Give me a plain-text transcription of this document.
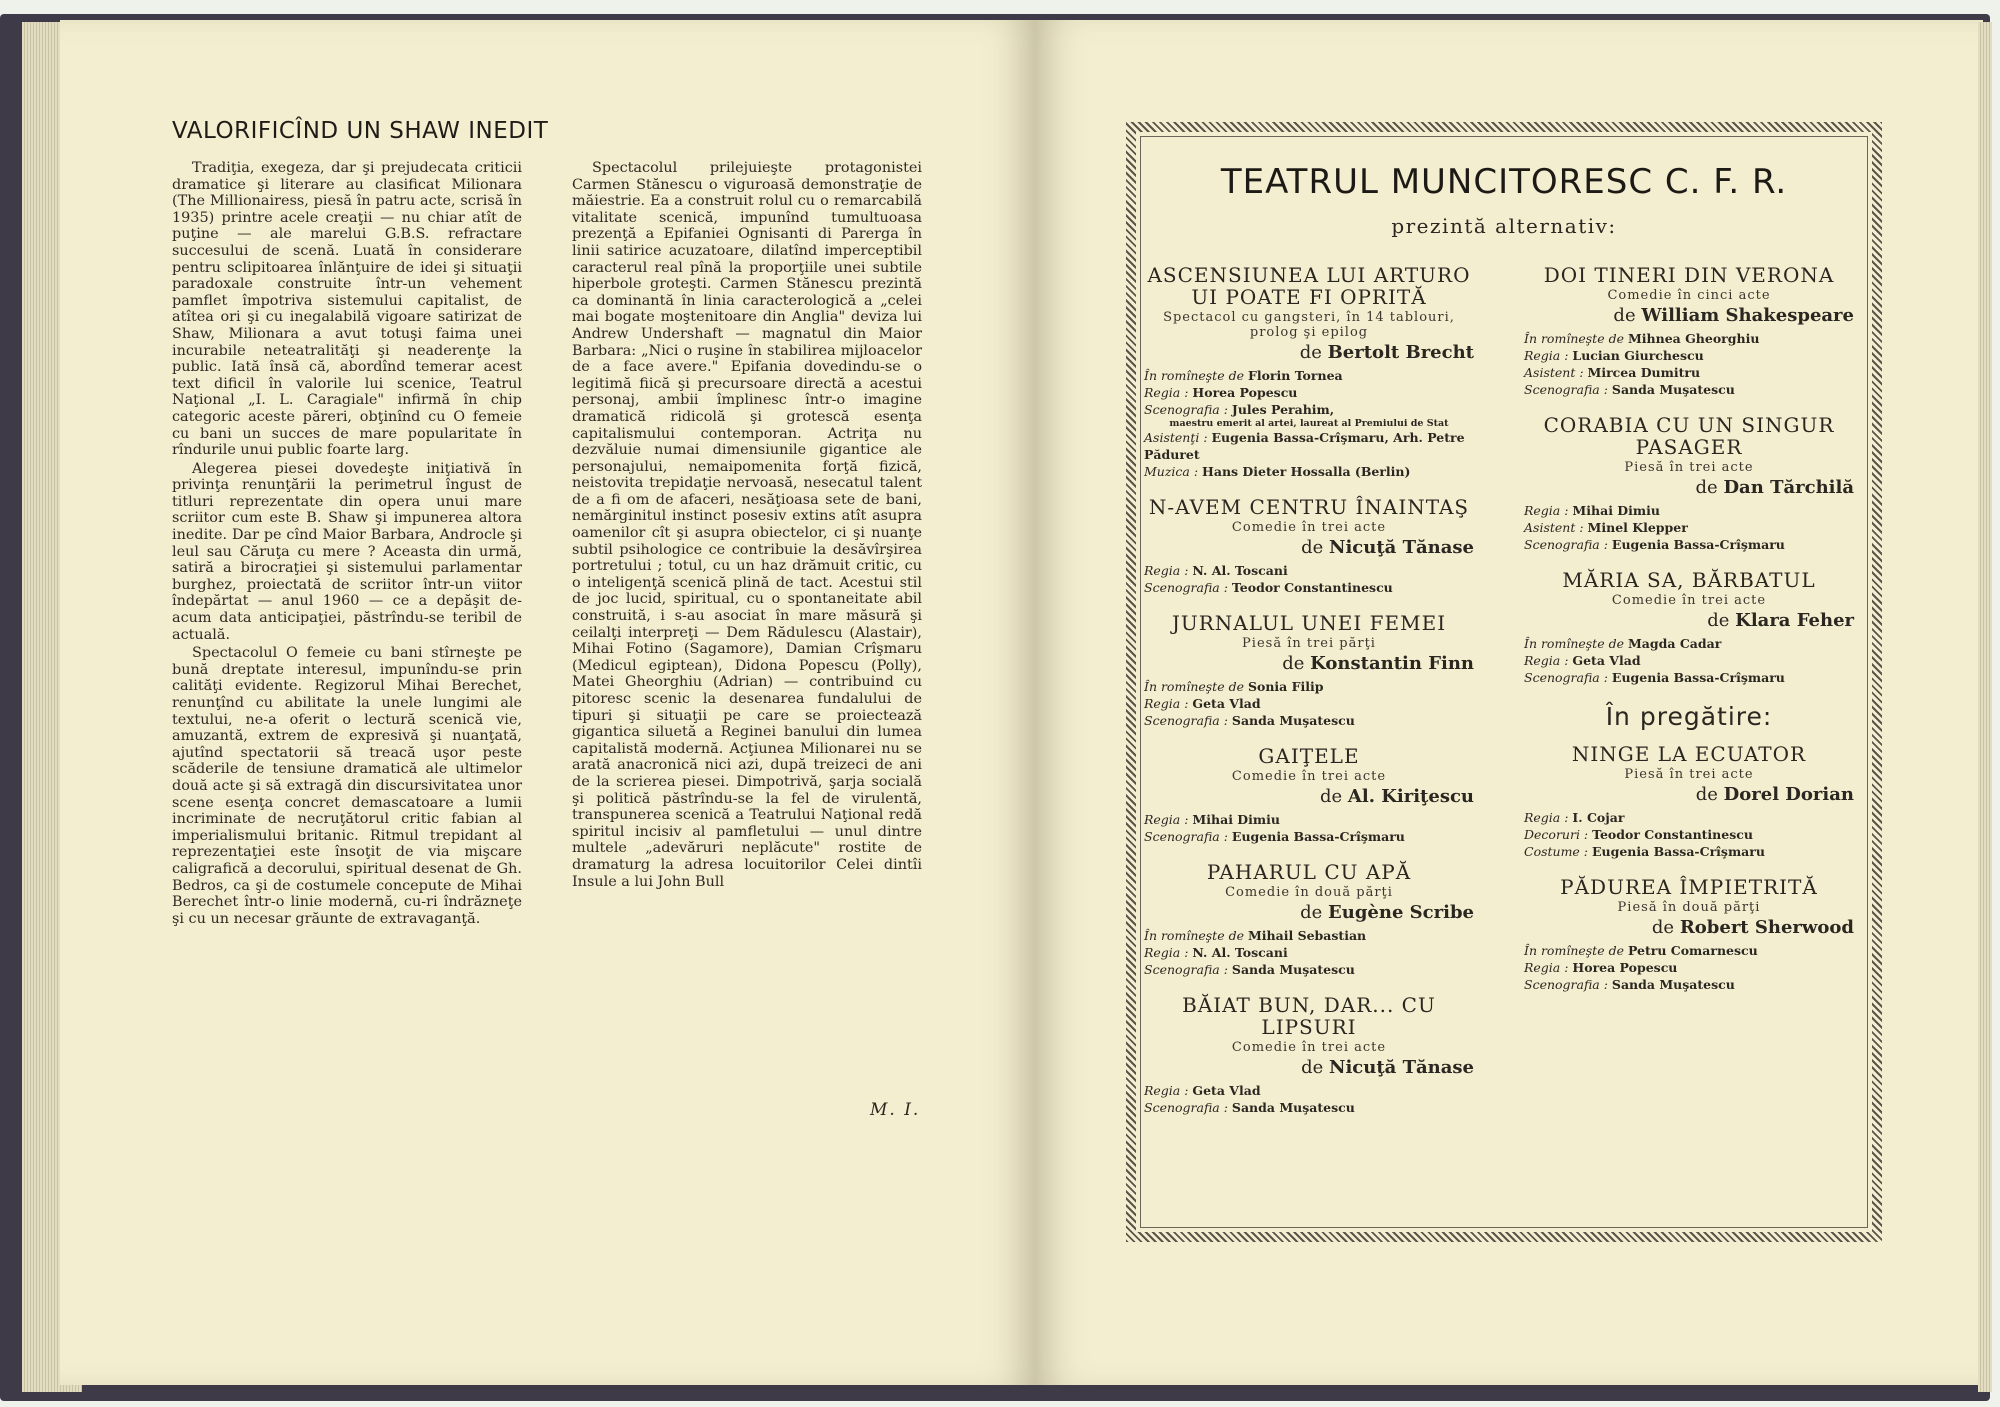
VALORIFICÎND UN SHAW INEDIT

Tradiţia, exegeza, dar şi prejudecata criticii dramatice şi literare au clasificat Milionara (The Millionairess, piesă în patru acte, scrisă în 1935) printre acele creaţii — nu chiar atît de puţine — ale marelui G.B.S. refractare succesului de scenă. Luată în considerare pentru sclipitoarea înlănţuire de idei şi situaţii paradoxale construite într-un vehement pamflet împotriva sistemului capitalist, de atîtea ori şi cu inegalabilă vigoare satirizat de Shaw, Milionara a avut totuşi faima unei incurabile neteatralităţi şi neaderenţe la public. Iată însă că, abordînd temerar acest text dificil în valorile lui scenice, Teatrul Naţional „I. L. Caragiale" infirmă în chip categoric aceste păreri, obţinînd cu O femeie cu bani un succes de mare popularitate în rîndurile unui public foarte larg.

Alegerea piesei dovedeşte iniţiativă în privinţa renunţării la perimetrul îngust de titluri reprezentate din opera unui mare scriitor cum este B. Shaw şi impunerea altora inedite. Dar pe cînd Maior Barbara, Androcle şi leul sau Căruţa cu mere ? Aceasta din urmă, satiră a birocraţiei şi sistemului parlamentar burghez, proiectată de scriitor într-un viitor îndepărtat — anul 1960 — ce a depăşit de-acum data anticipaţiei, păstrîndu-se teribil de actuală.

Spectacolul O femeie cu bani stîrneşte pe bună dreptate interesul, impunîndu-se prin calităţi evidente. Regizorul Mihai Berechet, renunţînd cu abilitate la unele lungimi ale textului, ne-a oferit o lectură scenică vie, amuzantă, extrem de expresivă şi nuanţată, ajutînd spectatorii să treacă uşor peste scăderile de tensiune dramatică ale ultimelor două acte şi să extragă din discursivitatea unor scene esenţa concret demascatoare a lumii incriminate de necruţătorul critic fabian al imperialismului britanic. Ritmul trepidant al reprezentaţiei este însoţit de via mişcare caligrafică a decorului, spiritual desenat de Gh. Bedros, ca şi de costumele concepute de Mihai Berechet într-o linie modernă, cu-ri îndrăzneţe şi cu un necesar grăunte de extravaganţă.

Spectacolul prilejuieşte protagonistei Carmen Stănescu o viguroasă demonstraţie de măiestrie. Ea a construit rolul cu o remarcabilă vitalitate scenică, impunînd tumultuoasa prezenţă a Epifaniei Ognisanti di Parerga în linii satirice acuzatoare, dilatînd imperceptibil caracterul real pînă la proporţiile unei subtile hiperbole groteşti. Carmen Stănescu prezintă ca dominantă în linia caracterologică a „celei mai bogate moştenitoare din Anglia" deviza lui Andrew Undershaft — magnatul din Maior Barbara: „Nici o ruşine în stabilirea mijloacelor de a face avere." Epifania dovedindu-se o legitimă fiică şi precursoare directă a acestui personaj, ambii împlinesc într-o imagine dramatică ridicolă şi grotescă esenţa capitalismului contemporan. Actriţa nu dezvăluie numai dimensiunile gigantice ale personajului, nemaipomenita forţă fizică, neistovita trepidaţie nervoasă, nesecatul talent de a fi om de afaceri, nesăţioasa sete de bani, nemărginitul instinct posesiv extins atît asupra oamenilor cît şi asupra obiectelor, ci şi nuanţe subtil psihologice ce contribuie la desăvîrşirea portretului ; totul, cu un haz drămuit critic, cu o inteligenţă scenică plină de tact. Acestui stil de joc lucid, spiritual, cu o spontaneitate abil construită, i s-au asociat în mare măsură şi ceilalţi interpreţi — Dem Rădulescu (Alastair), Mihai Fotino (Sagamore), Damian Crîşmaru (Medicul egiptean), Didona Popescu (Polly), Matei Gheorghiu (Adrian) — contribuind cu pitoresc scenic la desenarea fundalului de tipuri şi situaţii pe care se proiectează gigantica siluetă a Reginei banului din lumea capitalistă modernă. Acţiunea Milionarei nu se arată anacronică nici azi, după treizeci de ani de la scrierea piesei. Dimpotrivă, şarja socială şi politică păstrîndu-se la fel de virulentă, transpunerea scenică a Teatrului Naţional redă spiritul incisiv al pamfletului — unul dintre multele „adevăruri neplăcute" rostite de dramaturg la adresa locuitorilor Celei dintîi Insule a lui John Bull

M. I.
TEATRUL MUNCITORESC C. F. R.
prezintă alternativ:
ASCENSIUNEA LUI ARTURO UI POATE FI OPRITĂ
Spectacol cu gangsteri, în 14 tablouri, prolog şi epilog
de Bertolt Brecht
În romîneşte de Florin Tornea
Regia : Horea Popescu
Scenografia : Jules Perahim,
maestru emerit al artei, laureat al Premiului de Stat
Asistenţi : Eugenia Bassa-Crîşmaru, Arh. Petre Păduret
Muzica : Hans Dieter Hossalla (Berlin)
N-AVEM CENTRU ÎNAINTAŞ
Comedie în trei acte
de Nicuţă Tănase
Regia : N. Al. Toscani
Scenografia : Teodor Constantinescu
JURNALUL UNEI FEMEI
Piesă în trei părţi
de Konstantin Finn
În romîneşte de Sonia Filip
Regia : Geta Vlad
Scenografia : Sanda Muşatescu
GAIŢELE
Comedie în trei acte
de Al. Kiriţescu
Regia : Mihai Dimiu
Scenografia : Eugenia Bassa-Crîşmaru
PAHARUL CU APĂ
Comedie în două părţi
de Eugène Scribe
În romîneşte de Mihail Sebastian
Regia : N. Al. Toscani
Scenografia : Sanda Muşatescu
BĂIAT BUN, DAR... CU LIPSURI
Comedie în trei acte
de Nicuţă Tănase
Regia : Geta Vlad
Scenografia : Sanda Muşatescu
DOI TINERI DIN VERONA
Comedie în cinci acte
de William Shakespeare
În romîneşte de Mihnea Gheorghiu
Regia : Lucian Giurchescu
Asistent : Mircea Dumitru
Scenografia : Sanda Muşatescu
CORABIA CU UN SINGUR PASAGER
Piesă în trei acte
de Dan Tărchilă
Regia : Mihai Dimiu
Asistent : Minel Klepper
Scenografia : Eugenia Bassa-Crîşmaru
MĂRIA SA, BĂRBATUL
Comedie în trei acte
de Klara Feher
În romîneşte de Magda Cadar
Regia : Geta Vlad
Scenografia : Eugenia Bassa-Crîşmaru
În pregătire:
NINGE LA ECUATOR
Piesă în trei acte
de Dorel Dorian
Regia : I. Cojar
Decoruri : Teodor Constantinescu
Costume : Eugenia Bassa-Crîşmaru
PĂDUREA ÎMPIETRITĂ
Piesă în două părţi
de Robert Sherwood
În romîneşte de Petru Comarnescu
Regia : Horea Popescu
Scenografia : Sanda Muşatescu
